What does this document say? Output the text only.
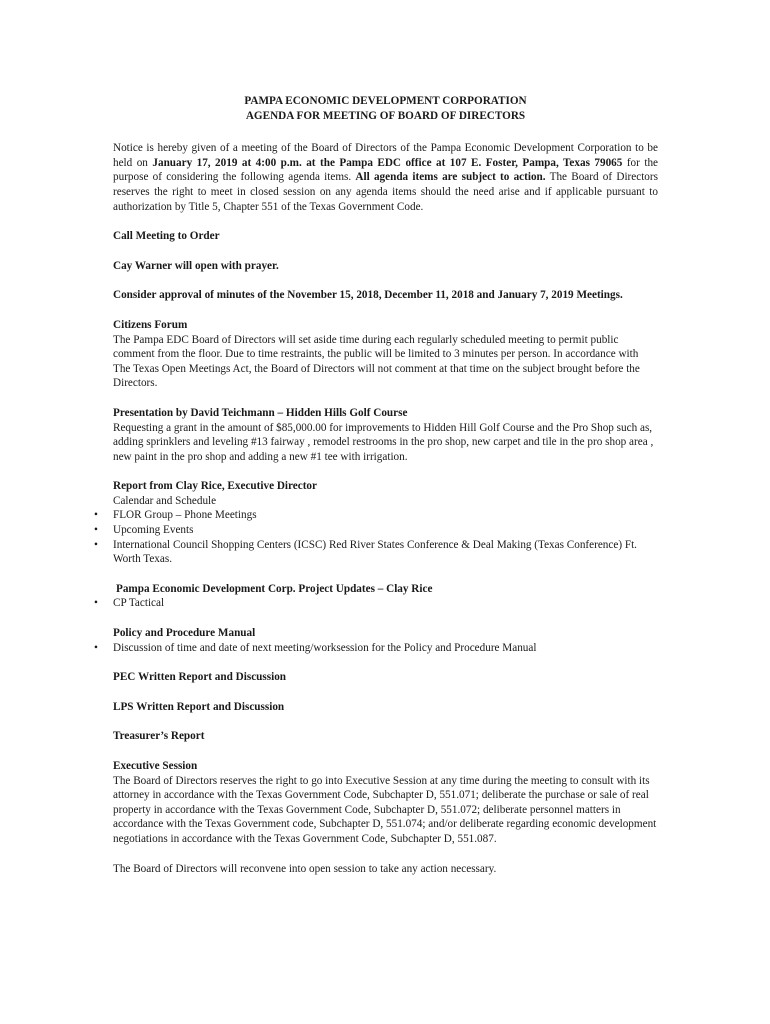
PAMPA ECONOMIC DEVELOPMENT CORPORATION
AGENDA FOR MEETING OF BOARD OF DIRECTORS

Notice is hereby given of a meeting of the Board of Directors of the Pampa Economic Development Corporation to be held on January 17, 2019 at 4:00 p.m. at the Pampa EDC office at 107 E. Foster, Pampa, Texas 79065 for the purpose of considering the following agenda items. All agenda items are subject to action. The Board of Directors reserves the right to meet in closed session on any agenda items should the need arise and if applicable pursuant to authorization by Title 5, Chapter 551 of the Texas Government Code.

Call Meeting to Order

Cay Warner will open with prayer.

Consider approval of minutes of the November 15, 2018, December 11, 2018 and January 7, 2019 Meetings.

Citizens Forum

The Pampa EDC Board of Directors will set aside time during each regularly scheduled meeting to permit public comment from the floor. Due to time restraints, the public will be limited to 3 minutes per person. In accordance with The Texas Open Meetings Act, the Board of Directors will not comment at that time on the subject brought before the Directors.

Presentation by David Teichmann – Hidden Hills Golf Course

Requesting a grant in the amount of $85,000.00 for improvements to Hidden Hill Golf Course and the Pro Shop such as, adding sprinklers and leveling #13 fairway , remodel restrooms in the pro shop, new carpet and tile in the pro shop area , new paint in the pro shop and adding a new #1 tee with irrigation.

Report from Clay Rice, Executive Director

Calendar and Schedule

• FLOR Group – Phone Meetings
• Upcoming Events
• International Council Shopping Centers (ICSC) Red River States Conference & Deal Making (Texas Conference) Ft. Worth Texas.

Pampa Economic Development Corp. Project Updates – Clay Rice

• CP Tactical

Policy and Procedure Manual

• Discussion of time and date of next meeting/worksession for the Policy and Procedure Manual

PEC Written Report and Discussion

LPS Written Report and Discussion

Treasurer’s Report

Executive Session

The Board of Directors reserves the right to go into Executive Session at any time during the meeting to consult with its attorney in accordance with the Texas Government Code, Subchapter D, 551.071; deliberate the purchase or sale of real property in accordance with the Texas Government Code, Subchapter D, 551.072; deliberate personnel matters in accordance with the Texas Government code, Subchapter D, 551.074; and/or deliberate regarding economic development negotiations in accordance with the Texas Government Code, Subchapter D, 551.087.

The Board of Directors will reconvene into open session to take any action necessary.
